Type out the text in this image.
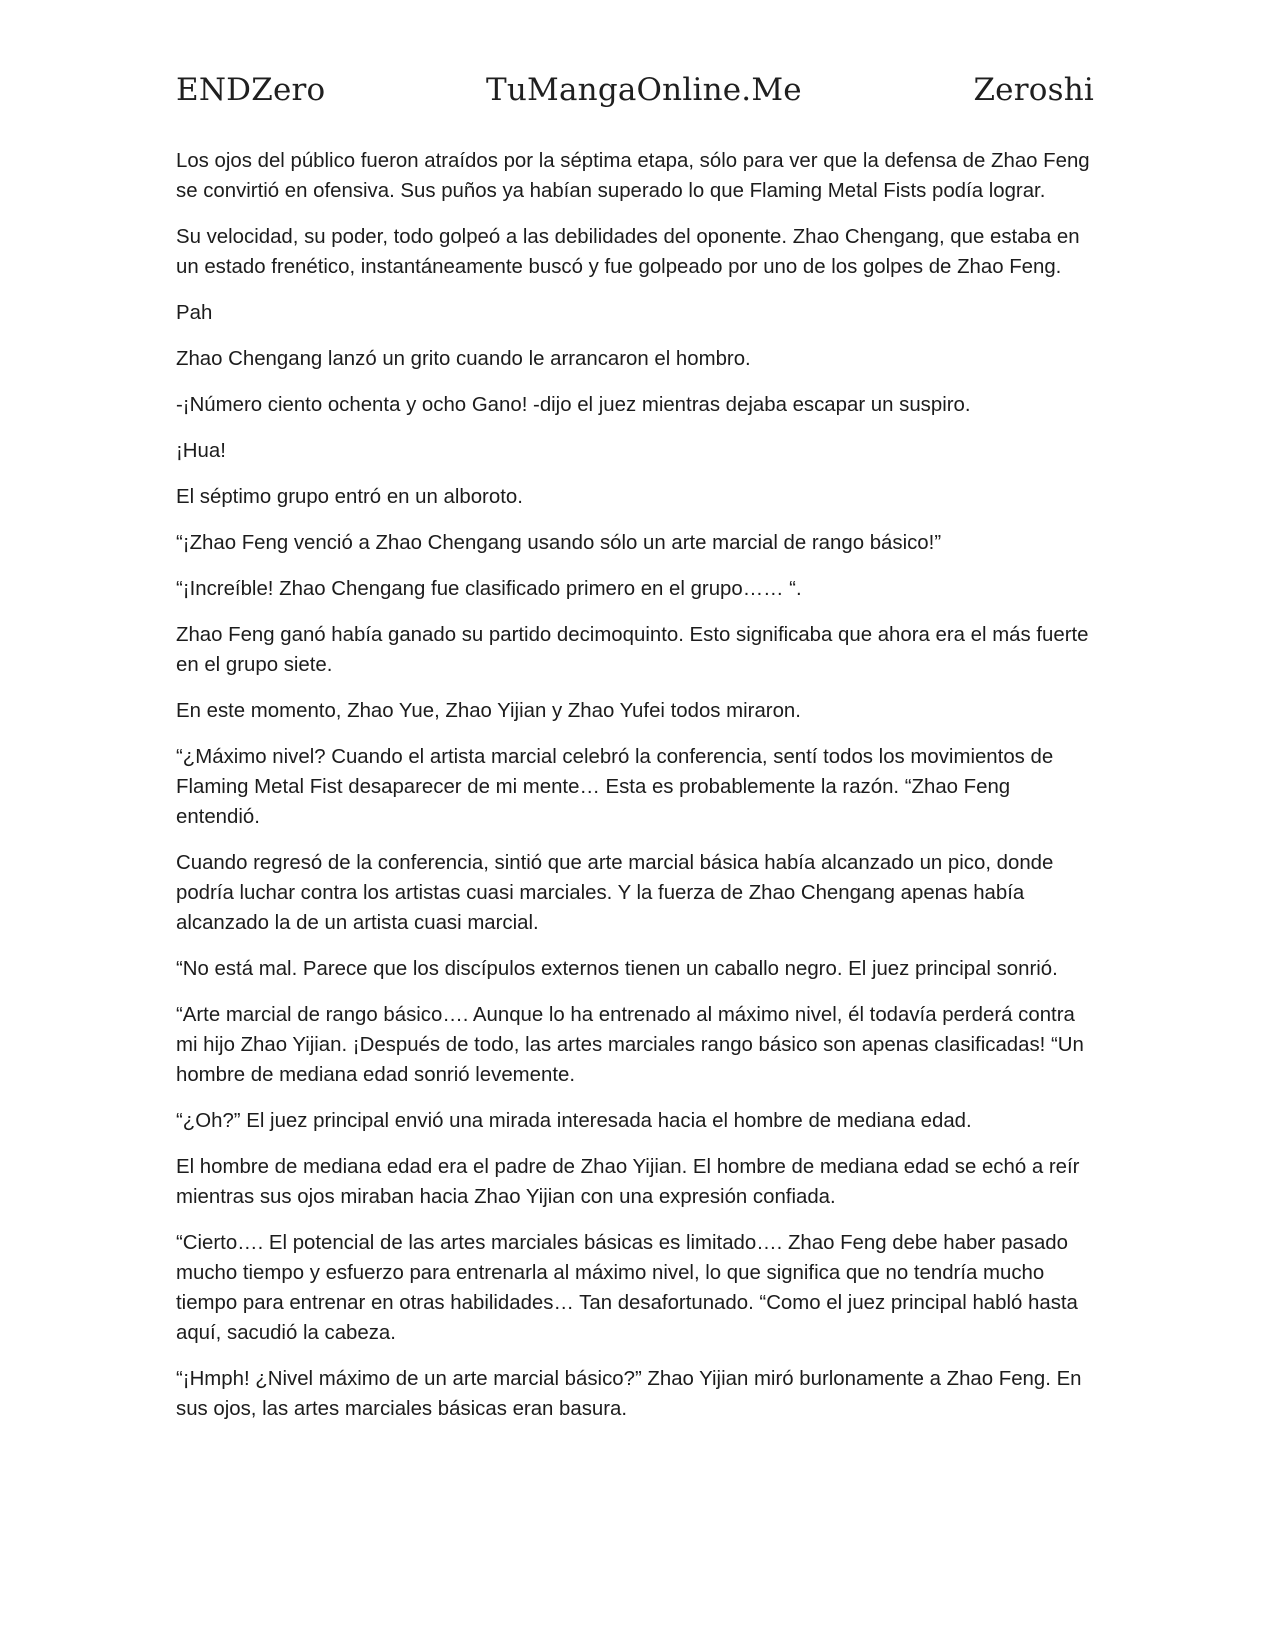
ENDZero	TuMangaOnline.Me	Zeroshi

Los ojos del público fueron atraídos por la séptima etapa, sólo para ver que la defensa de Zhao Feng se convirtió en ofensiva. Sus puños ya habían superado lo que Flaming Metal Fists podía lograr.

Su velocidad, su poder, todo golpeó a las debilidades del oponente. Zhao Chengang, que estaba en un estado frenético, instantáneamente buscó y fue golpeado por uno de los golpes de Zhao Feng.

Pah

Zhao Chengang lanzó un grito cuando le arrancaron el hombro.

-¡Número ciento ochenta y ocho Gano! -dijo el juez mientras dejaba escapar un suspiro.

¡Hua!

El séptimo grupo entró en un alboroto.

“¡Zhao Feng venció a Zhao Chengang usando sólo un arte marcial de rango básico!”

“¡Increíble! Zhao Chengang fue clasificado primero en el grupo…… “.

Zhao Feng ganó había ganado su partido decimoquinto. Esto significaba que ahora era el más fuerte en el grupo siete.

En este momento, Zhao Yue, Zhao Yijian y Zhao Yufei todos miraron.

“¿Máximo nivel? Cuando el artista marcial celebró la conferencia, sentí todos los movimientos de Flaming Metal Fist desaparecer de mi mente… Esta es probablemente la razón. “Zhao Feng entendió.

Cuando regresó de la conferencia, sintió que arte marcial básica había alcanzado un pico, donde podría luchar contra los artistas cuasi marciales. Y la fuerza de Zhao Chengang apenas había alcanzado la de un artista cuasi marcial.

“No está mal. Parece que los discípulos externos tienen un caballo negro. El juez principal sonrió.

“Arte marcial de rango básico…. Aunque lo ha entrenado al máximo nivel, él todavía perderá contra mi hijo Zhao Yijian. ¡Después de todo, las artes marciales rango básico son apenas clasificadas! “Un hombre de mediana edad sonrió levemente.

“¿Oh?” El juez principal envió una mirada interesada hacia el hombre de mediana edad.

El hombre de mediana edad era el padre de Zhao Yijian. El hombre de mediana edad se echó a reír mientras sus ojos miraban hacia Zhao Yijian con una expresión confiada.

“Cierto…. El potencial de las artes marciales básicas es limitado…. Zhao Feng debe haber pasado mucho tiempo y esfuerzo para entrenarla al máximo nivel, lo que significa que no tendría mucho tiempo para entrenar en otras habilidades… Tan desafortunado. “Como el juez principal habló hasta aquí, sacudió la cabeza.

“¡Hmph! ¿Nivel máximo de un arte marcial básico?” Zhao Yijian miró burlonamente a Zhao Feng. En sus ojos, las artes marciales básicas eran basura.
